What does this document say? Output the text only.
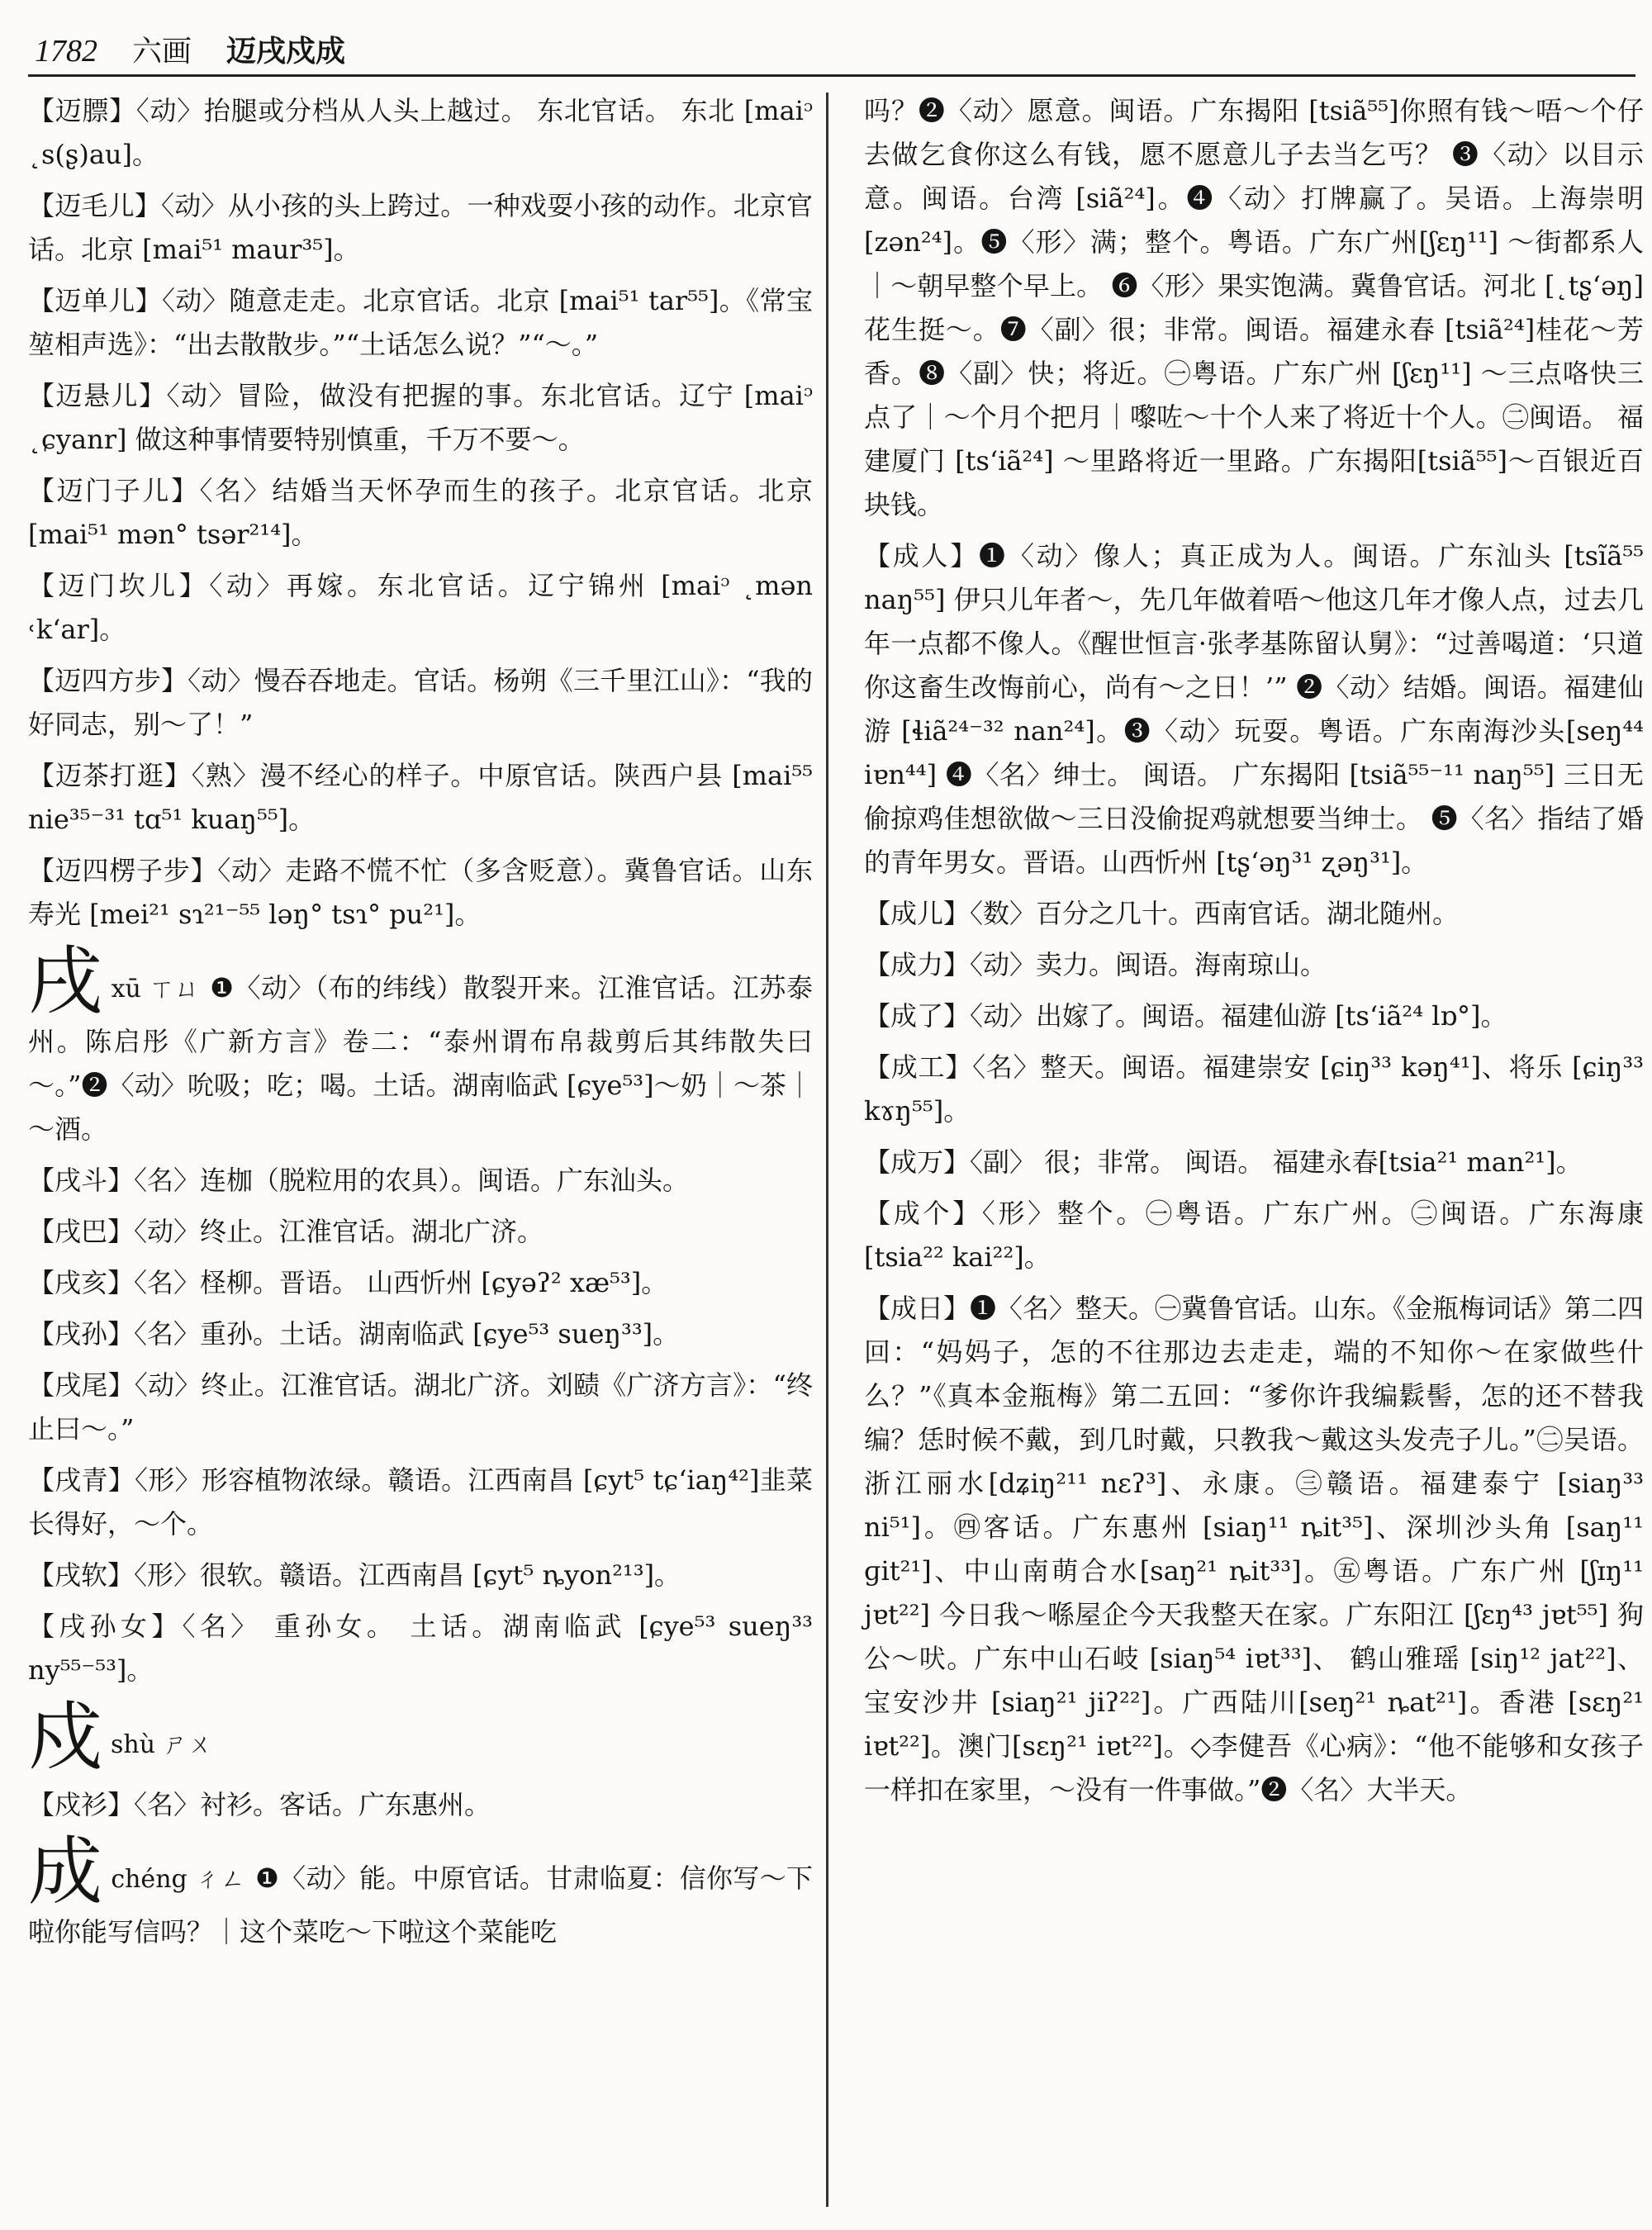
1782 六画 迈戌戍成
【迈膘】〈动〉抬腿或分档从人头上越过。 东北官话。 东北 [maiᵓ ˛s(ʂ)au]。
【迈毛儿】〈动〉从小孩的头上跨过。一种戏耍小孩的动作。北京官话。北京 [mai⁵¹ maur³⁵]。
【迈单儿】〈动〉随意走走。北京官话。北京 [mai⁵¹ tar⁵⁵]。《常宝堃相声选》：“出去散散步。”“土话怎么说？”“～。”
【迈悬儿】〈动〉冒险，做没有把握的事。东北官话。辽宁 [maiᵓ ˛ɕyanr] 做这种事情要特别慎重，千万不要～。
【迈门子儿】〈名〉结婚当天怀孕而生的孩子。北京官话。北京 [mai⁵¹ mən° tsər²¹⁴]。
【迈门坎儿】〈动〉再嫁。东北官话。辽宁锦州 [maiᵓ ˛mən ˓k‘ar]。
【迈四方步】〈动〉慢吞吞地走。官话。杨朔《三千里江山》：“我的好同志，别～了！”
【迈茶打逛】〈熟〉漫不经心的样子。中原官话。陕西户县 [mai⁵⁵ nie³⁵⁻³¹ tɑ⁵¹ kuaŋ⁵⁵]。
【迈四楞子步】〈动〉走路不慌不忙（多含贬意）。冀鲁官话。山东寿光 [mei²¹ sɿ²¹⁻⁵⁵ ləŋ° tsɿ° pu²¹]。
戌xū ㄒㄩ ❶〈动〉（布的纬线）散裂开来。江淮官话。江苏泰州。陈启彤《广新方言》卷二：“泰州谓布帛裁剪后其纬散失曰～。”❷〈动〉吮吸；吃；喝。土话。湖南临武 [ɕye⁵³]～奶｜～茶｜～酒。
【戌斗】〈名〉连枷（脱粒用的农具）。闽语。广东汕头。
【戌巴】〈动〉终止。江淮官话。湖北广济。
【戌亥】〈名〉柽柳。晋语。 山西忻州 [ɕyəʔ² xæ⁵³]。
【戌孙】〈名〉重孙。土话。湖南临武 [ɕye⁵³ sueŋ³³]。
【戌尾】〈动〉终止。江淮官话。湖北广济。刘赜《广济方言》：“终止曰～。”
【戌青】〈形〉形容植物浓绿。赣语。江西南昌 [ɕyt⁵ tɕ‘iaŋ⁴²]韭菜长得好，～个。
【戌软】〈形〉很软。赣语。江西南昌 [ɕyt⁵ ȵyon²¹³]。
【戌孙女】〈名〉 重孙女。 土话。湖南临武 [ɕye⁵³ sueŋ³³ ny⁵⁵⁻⁵³]。
戍shù ㄕㄨ
【戍衫】〈名〉衬衫。客话。广东惠州。
成chéng ㄔㄥ ❶〈动〉能。中原官话。甘肃临夏：信你写～下啦你能写信吗？｜这个菜吃～下啦这个菜能吃
吗？❷〈动〉愿意。闽语。广东揭阳 [tsiã⁵⁵]你照有钱～唔～个仔去做乞食你这么有钱，愿不愿意儿子去当乞丐？ ❸〈动〉以目示意。闽语。台湾 [siã²⁴]。❹〈动〉打牌赢了。吴语。上海崇明 [zən²⁴]。❺〈形〉满；整个。粤语。广东广州[ʃɛŋ¹¹] ～街都系人｜～朝早整个早上。 ❻〈形〉果实饱满。冀鲁官话。河北 [˛tʂ‘əŋ] 花生挺～。❼〈副〉很；非常。闽语。福建永春 [tsiã²⁴]桂花～芳香。❽〈副〉快；将近。㊀粤语。广东广州 [ʃɛŋ¹¹] ～三点咯快三点了｜～个月个把月｜嚟咗～十个人来了将近十个人。㊁闽语。 福建厦门 [ts‘iã²⁴] ～里路将近一里路。广东揭阳[tsiã⁵⁵]～百银近百块钱。
【成人】❶〈动〉像人；真正成为人。闽语。广东汕头 [tsĩã⁵⁵ naŋ⁵⁵] 伊只儿年者～，先几年做着唔～他这几年才像人点，过去几年一点都不像人。《醒世恒言·张孝基陈留认舅》：“过善喝道：‘只道你这畜生改悔前心，尚有～之日！’” ❷〈动〉结婚。闽语。福建仙游 [ɬiã²⁴⁻³² nan²⁴]。❸〈动〉玩耍。粤语。广东南海沙头[seŋ⁴⁴ iɐn⁴⁴] ❹〈名〉绅士。 闽语。 广东揭阳 [tsiã⁵⁵⁻¹¹ naŋ⁵⁵] 三日无偷掠鸡佳想欲做～三日没偷捉鸡就想要当绅士。 ❺〈名〉指结了婚的青年男女。晋语。山西忻州 [tʂ‘əŋ³¹ ʐəŋ³¹]。
【成儿】〈数〉百分之几十。西南官话。湖北随州。
【成力】〈动〉卖力。闽语。海南琼山。
【成了】〈动〉出嫁了。闽语。福建仙游 [ts‘iã²⁴ lɒ°]。
【成工】〈名〉整天。闽语。福建崇安 [ɕiŋ³³ kəŋ⁴¹]、将乐 [ɕiŋ³³ kɤŋ⁵⁵]。
【成万】〈副〉 很；非常。 闽语。 福建永春[tsia²¹ man²¹]。
【成个】〈形〉整个。㊀粤语。广东广州。㊁闽语。广东海康 [tsia²² kai²²]。
【成日】❶〈名〉整天。㊀冀鲁官话。山东。《金瓶梅词话》第二四回：“妈妈子，怎的不往那边去走走，端的不知你～在家做些什么？”《真本金瓶梅》第二五回：“爹你许我编鬏髻，怎的还不替我编？恁时候不戴，到几时戴，只教我～戴这头发壳子儿。”㊁吴语。浙江丽水[dʑiŋ²¹¹ nɛʔ³]、永康。㊂赣语。福建泰宁 [siaŋ³³ ni⁵¹]。㊃客话。广东惠州 [siaŋ¹¹ ȵit³⁵]、深圳沙头角 [saŋ¹¹ ɡit²¹]、中山南萌合水[saŋ²¹ ȵit³³]。㊄粤语。广东广州 [ʃɪŋ¹¹ jɐt²²] 今日我～喺屋企今天我整天在家。广东阳江 [ʃɛŋ⁴³ jɐt⁵⁵] 狗公～吠。广东中山石岐 [siaŋ⁵⁴ iɐt³³]、 鹤山雅瑶 [siŋ¹² jat²²]、 宝安沙井 [siaŋ²¹ jiʔ²²]。广西陆川[seŋ²¹ ȵat²¹]。香港 [sɛŋ²¹ iɐt²²]。澳门[sɛŋ²¹ iɐt²²]。◇李健吾《心病》：“他不能够和女孩子一样扣在家里，～没有一件事做。”❷〈名〉大半天。
